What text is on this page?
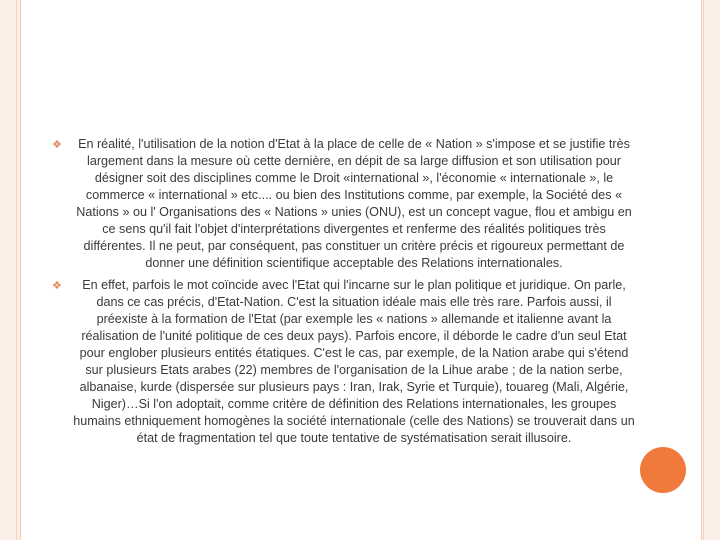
❖	En réalité, l'utilisation de la notion d'Etat à la place de celle de « Nation » s'impose et se justifie très largement dans la mesure où cette dernière, en dépit de sa large diffusion et son utilisation pour désigner soit des disciplines comme le Droit «international », l'économie « internationale », le commerce « international » etc.... ou bien des Institutions comme, par exemple, la Société des « Nations » ou l' Organisations des « Nations » unies (ONU), est un concept vague, flou et ambigu en ce sens qu'il fait l'objet d'interprétations divergentes et renferme des réalités politiques très différentes. Il ne peut, par conséquent, pas constituer un critère précis et rigoureux permettant de donner une définition scientifique acceptable des Relations internationales.
❖	En effet, parfois le mot coïncide avec l'Etat qui l'incarne sur le plan politique et juridique. On parle, dans ce cas précis, d'Etat-Nation. C'est la situation idéale mais elle très rare. Parfois aussi, il préexiste à la formation de l'Etat (par exemple les « nations » allemande et italienne avant la réalisation de l'unité politique de ces deux pays). Parfois encore, il déborde le cadre d'un seul Etat pour englober plusieurs entités étatiques. C'est le cas, par exemple, de la Nation arabe qui s'étend sur plusieurs Etats arabes (22) membres de l'organisation de la Lihue arabe ; de la nation serbe, albanaise, kurde (dispersée sur plusieurs pays : Iran, Irak, Syrie et Turquie), touareg (Mali, Algérie, Niger)…Si l'on adoptait, comme critère de définition des Relations internationales, les groupes humains ethniquement homogènes la société internationale (celle des Nations) se trouverait dans un état de fragmentation tel que toute tentative de systématisation serait illusoire.
